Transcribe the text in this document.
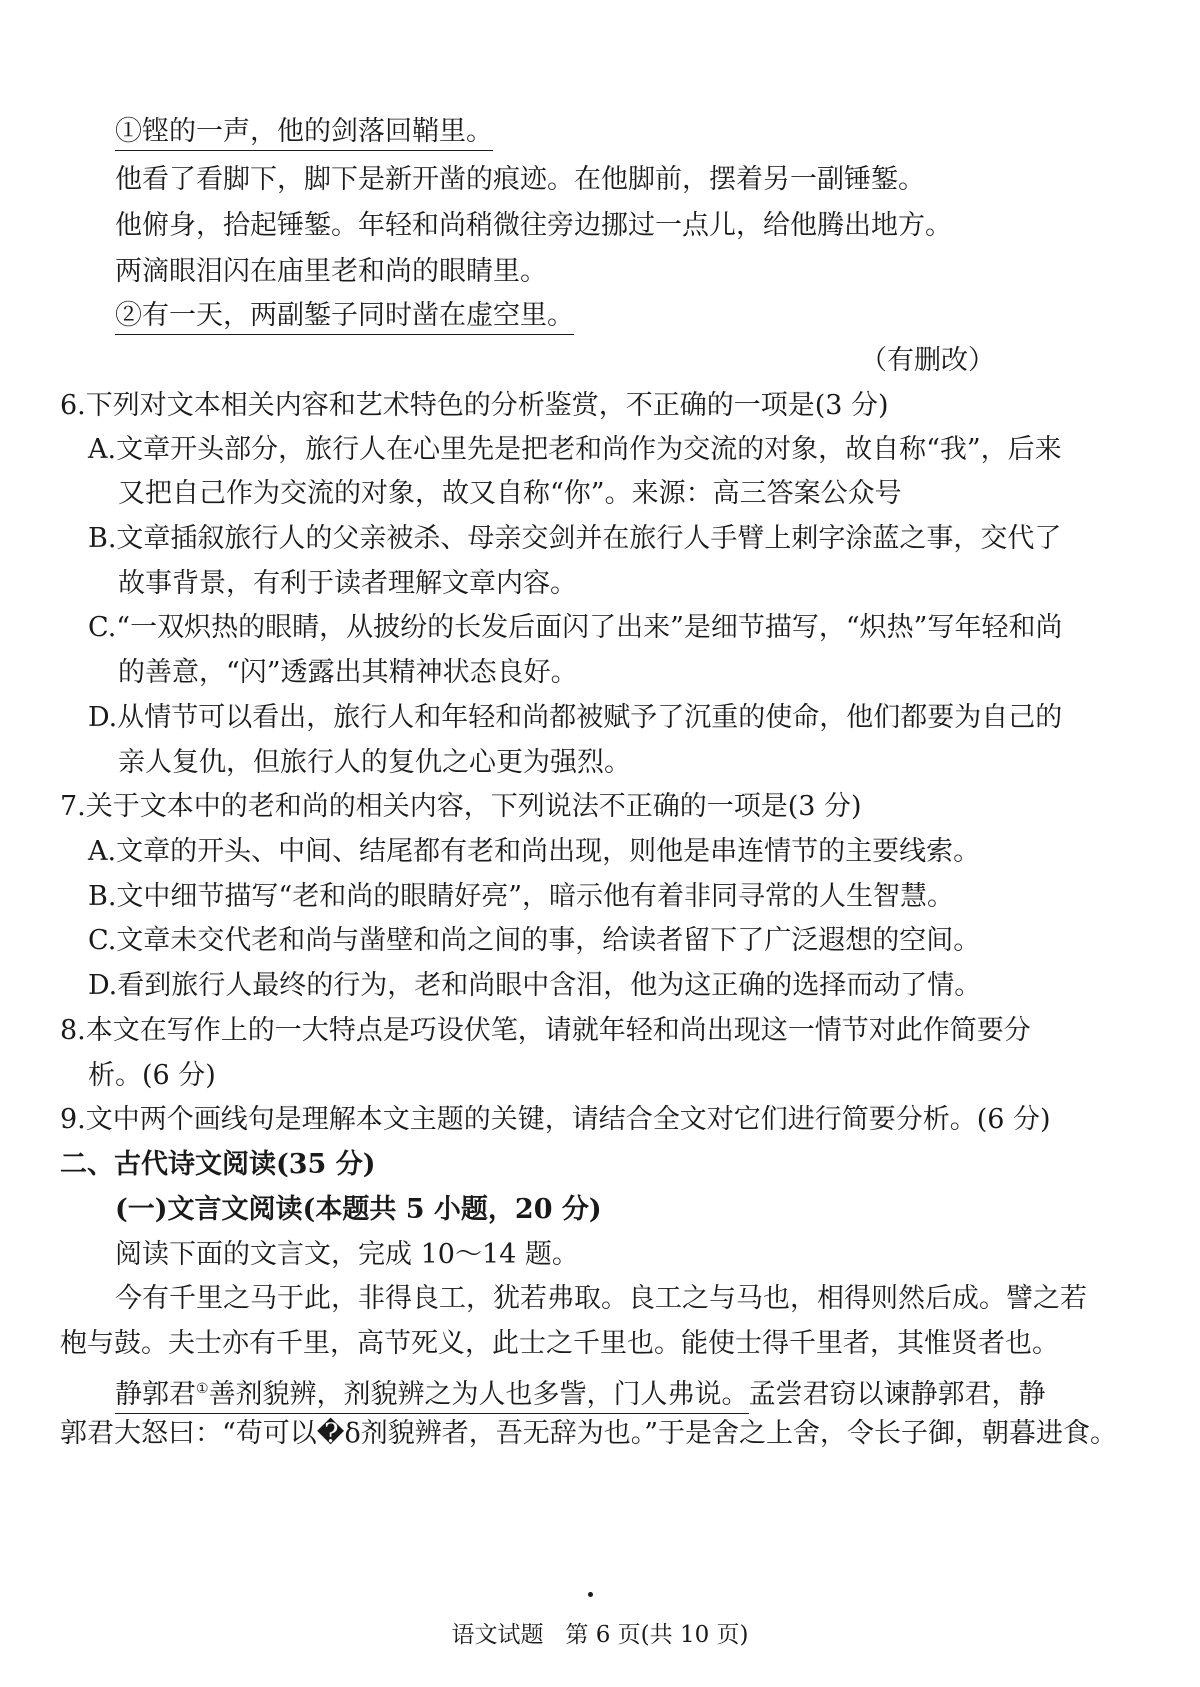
①铿的一声，他的剑落回鞘里。
他看了看脚下，脚下是新开凿的痕迹。在他脚前，摆着另一副锤錾。
他俯身，拾起锤錾。年轻和尚稍微往旁边挪过一点儿，给他腾出地方。
两滴眼泪闪在庙里老和尚的眼睛里。
②有一天，两副錾子同时凿在虚空里。
（有删改）
6.下列对文本相关内容和艺术特色的分析鉴赏，不正确的一项是(3 分)
A.文章开头部分，旅行人在心里先是把老和尚作为交流的对象，故自称“我”，后来
又把自己作为交流的对象，故又自称“你”。来源：高三答案公众号
B.文章插叙旅行人的父亲被杀、母亲交剑并在旅行人手臂上刺字涂蓝之事，交代了
故事背景，有利于读者理解文章内容。
C.“一双炽热的眼睛，从披纷的长发后面闪了出来”是细节描写，“炽热”写年轻和尚
的善意，“闪”透露出其精神状态良好。
D.从情节可以看出，旅行人和年轻和尚都被赋予了沉重的使命，他们都要为自己的
亲人复仇，但旅行人的复仇之心更为强烈。
7.关于文本中的老和尚的相关内容，下列说法不正确的一项是(3 分)
A.文章的开头、中间、结尾都有老和尚出现，则他是串连情节的主要线索。
B.文中细节描写“老和尚的眼睛好亮”，暗示他有着非同寻常的人生智慧。
C.文章未交代老和尚与凿壁和尚之间的事，给读者留下了广泛遐想的空间。
D.看到旅行人最终的行为，老和尚眼中含泪，他为这正确的选择而动了情。
8.本文在写作上的一大特点是巧设伏笔，请就年轻和尚出现这一情节对此作简要分
析。(6 分)
9.文中两个画线句是理解本文主题的关键，请结合全文对它们进行简要分析。(6 分)
二、古代诗文阅读(35 分)
(一)文言文阅读(本题共 5 小题，20 分)
阅读下面的文言文，完成 10～14 题。
今有千里之马于此，非得良工，犹若弗取。良工之与马也，相得则然后成。譬之若
枹与鼓。夫士亦有千里，高节死义，此士之千里也。能使士得千里者，其惟贤者也。
静郭君①善剂貌辨，剂貌辨之为人也多訾，门人弗说。孟尝君窃以谏静郭君，静
郭君大怒曰：“苟可以�δ剂貌辨者，吾无辞为也。”于是舍之上舍，令长子御，朝暮进食。
语文试题 第 6 页(共 10 页)
